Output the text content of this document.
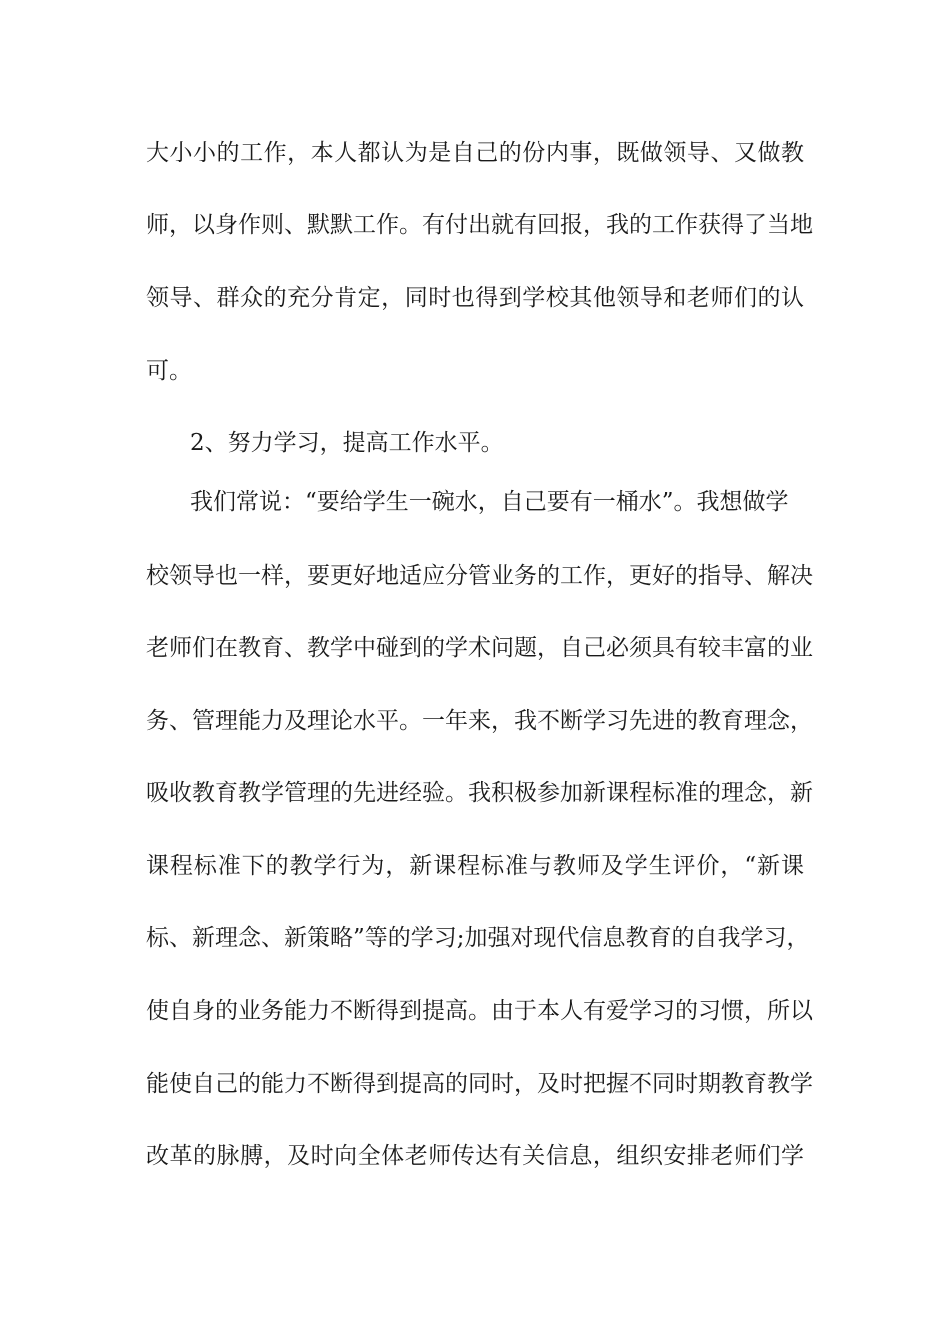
大小小的工作，本人都认为是自己的份内事，既做领导、又做教
师，以身作则、默默工作。有付出就有回报，我的工作获得了当地
领导、群众的充分肯定，同时也得到学校其他领导和老师们的认
可。
2、努力学习，提高工作水平。
我们常说：“要给学生一碗水，自己要有一桶水”。我想做学
校领导也一样，要更好地适应分管业务的工作，更好的指导、解决
老师们在教育、教学中碰到的学术问题，自己必须具有较丰富的业
务、管理能力及理论水平。一年来，我不断学习先进的教育理念，
吸收教育教学管理的先进经验。我积极参加新课程标准的理念，新
课程标准下的教学行为，新课程标准与教师及学生评价，“新课
标、新理念、新策略”等的学习;加强对现代信息教育的自我学习，
使自身的业务能力不断得到提高。由于本人有爱学习的习惯，所以
能使自己的能力不断得到提高的同时，及时把握不同时期教育教学
改革的脉膊，及时向全体老师传达有关信息，组织安排老师们学
